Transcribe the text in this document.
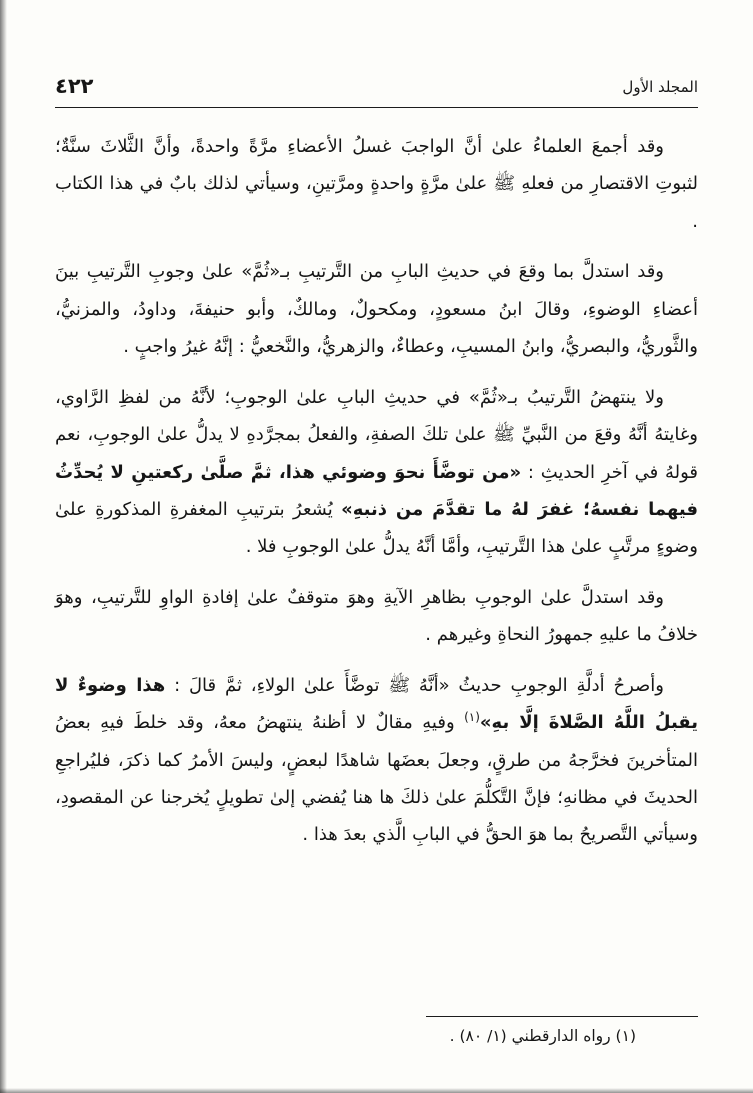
المجلد الأول
٤٢٢

وقد أجمعَ العلماءُ علىٰ أنَّ الواجبَ غسلُ الأعضاءِ مرَّةً واحدةً، وأنَّ الثَّلاثَ سنَّةٌ؛ لثبوتِ الاقتصارِ من فعلهِ ﷺ علىٰ مرَّةٍ واحدةٍ ومرَّتينِ، وسيأتي لذلك بابٌ في هذا الكتاب .

وقد استدلَّ بما وقعَ في حديثِ البابِ من التَّرتيبِ بـ«ثُمَّ» علىٰ وجوبِ التَّرتيبِ بينَ أعضاءِ الوضوءِ، وقالَ ابنُ مسعودٍ، ومكحولٌ، ومالكٌ، وأبو حنيفةَ، وداودُ، والمزنيُّ، والثَّوريُّ، والبصريُّ، وابنُ المسيبِ، وعطاءٌ، والزهريُّ، والنَّخعيُّ : إنَّهُ غيرُ واجبٍ .

ولا ينتهضُ التَّرتيبُ بـ«ثُمَّ» في حديثِ البابِ علىٰ الوجوبِ؛ لأنَّهُ من لفظِ الرَّاوي، وغايتهُ أنَّهُ وقعَ من النَّبيِّ ﷺ علىٰ تلكَ الصفةِ، والفعلُ بمجرَّدهِ لا يدلُّ علىٰ الوجوبِ، نعم قولهُ في آخرِ الحديثِ : «من توضَّأَ نحوَ وضوئي هذا، ثمَّ صلَّىٰ ركعتينِ لا يُحدِّثُ فيهما نفسهُ؛ غفرَ لهُ ما تقدَّمَ من ذنبهِ» يُشعرُ بترتيبِ المغفرةِ المذكورةِ علىٰ وضوءٍ مرتَّبٍ علىٰ هذا التَّرتيبِ، وأمَّا أنَّهُ يدلُّ علىٰ الوجوبِ فلا .

وقد استدلَّ علىٰ الوجوبِ بظاهرِ الآيةِ وهوَ متوقفٌ علىٰ إفادةِ الواوِ للتَّرتيبِ، وهوَ خلافُ ما عليهِ جمهورُ النحاةِ وغيرهم .

وأصرحُ أدلَّةِ الوجوبِ حديثُ «أنَّهُ ﷺ توضَّأَ علىٰ الولاءِ، ثمَّ قالَ : هذا وضوءٌ لا يقبلُ اللَّهُ الصَّلاةَ إلَّا بهِ»$^{(١)}$ وفيهِ مقالٌ لا أظنهُ ينتهضُ معهُ، وقد خلطَ فيهِ بعضُ المتأخرينَ فخرَّجهُ من طرقٍ، وجعلَ بعضَها شاهدًا لبعضٍ، وليسَ الأمرُ كما ذكرَ، فليُراجعِ الحديثَ في مظانهِ؛ فإنَّ التَّكلُّمَ علىٰ ذلكَ ها هنا يُفضي إلىٰ تطويلٍ يُخرجنا عن المقصودِ، وسيأتي التَّصريحُ بما هوَ الحقُّ في البابِ الَّذي بعدَ هذا .

(١) رواه الدارقطني (١/ ٨٠) .
